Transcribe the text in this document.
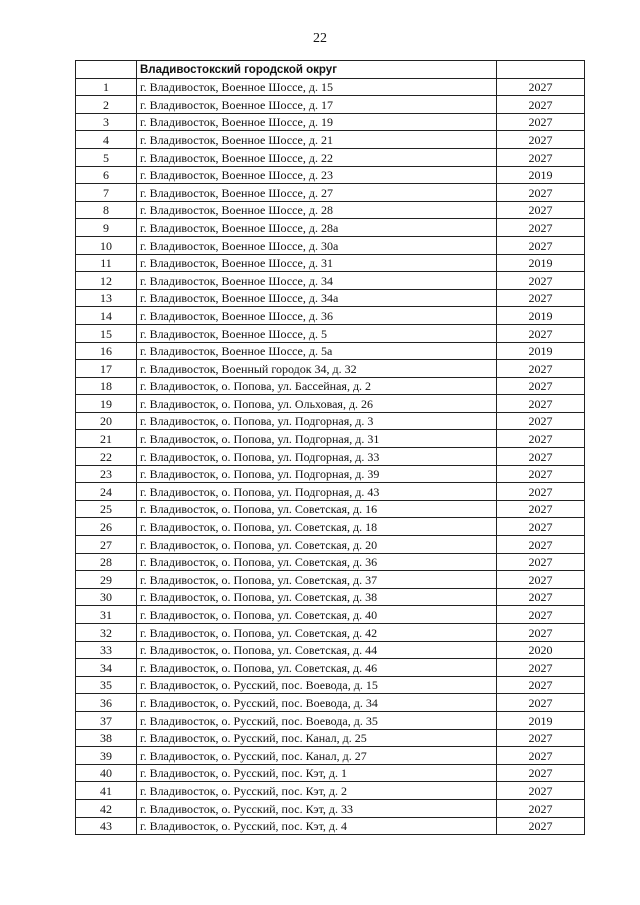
22
	Владивостокский городской округ	
1	г. Владивосток, Военное Шоссе, д. 15	2027
2	г. Владивосток, Военное Шоссе, д. 17	2027
3	г. Владивосток, Военное Шоссе, д. 19	2027
4	г. Владивосток, Военное Шоссе, д. 21	2027
5	г. Владивосток, Военное Шоссе, д. 22	2027
6	г. Владивосток, Военное Шоссе, д. 23	2019
7	г. Владивосток, Военное Шоссе, д. 27	2027
8	г. Владивосток, Военное Шоссе, д. 28	2027
9	г. Владивосток, Военное Шоссе, д. 28а	2027
10	г. Владивосток, Военное Шоссе, д. 30а	2027
11	г. Владивосток, Военное Шоссе, д. 31	2019
12	г. Владивосток, Военное Шоссе, д. 34	2027
13	г. Владивосток, Военное Шоссе, д. 34а	2027
14	г. Владивосток, Военное Шоссе, д. 36	2019
15	г. Владивосток, Военное Шоссе, д. 5	2027
16	г. Владивосток, Военное Шоссе, д. 5а	2019
17	г. Владивосток, Военный городок 34, д. 32	2027
18	г. Владивосток, о. Попова, ул. Бассейная, д. 2	2027
19	г. Владивосток, о. Попова, ул. Ольховая, д. 26	2027
20	г. Владивосток, о. Попова, ул. Подгорная, д. 3	2027
21	г. Владивосток, о. Попова, ул. Подгорная, д. 31	2027
22	г. Владивосток, о. Попова, ул. Подгорная, д. 33	2027
23	г. Владивосток, о. Попова, ул. Подгорная, д. 39	2027
24	г. Владивосток, о. Попова, ул. Подгорная, д. 43	2027
25	г. Владивосток, о. Попова, ул. Советская, д. 16	2027
26	г. Владивосток, о. Попова, ул. Советская, д. 18	2027
27	г. Владивосток, о. Попова, ул. Советская, д. 20	2027
28	г. Владивосток, о. Попова, ул. Советская, д. 36	2027
29	г. Владивосток, о. Попова, ул. Советская, д. 37	2027
30	г. Владивосток, о. Попова, ул. Советская, д. 38	2027
31	г. Владивосток, о. Попова, ул. Советская, д. 40	2027
32	г. Владивосток, о. Попова, ул. Советская, д. 42	2027
33	г. Владивосток, о. Попова, ул. Советская, д. 44	2020
34	г. Владивосток, о. Попова, ул. Советская, д. 46	2027
35	г. Владивосток, о. Русский, пос. Воевода, д. 15	2027
36	г. Владивосток, о. Русский, пос. Воевода, д. 34	2027
37	г. Владивосток, о. Русский, пос. Воевода, д. 35	2019
38	г. Владивосток, о. Русский, пос. Канал, д. 25	2027
39	г. Владивосток, о. Русский, пос. Канал, д. 27	2027
40	г. Владивосток, о. Русский, пос. Кэт, д. 1	2027
41	г. Владивосток, о. Русский, пос. Кэт, д. 2	2027
42	г. Владивосток, о. Русский, пос. Кэт, д. 33	2027
43	г. Владивосток, о. Русский, пос. Кэт, д. 4	2027
